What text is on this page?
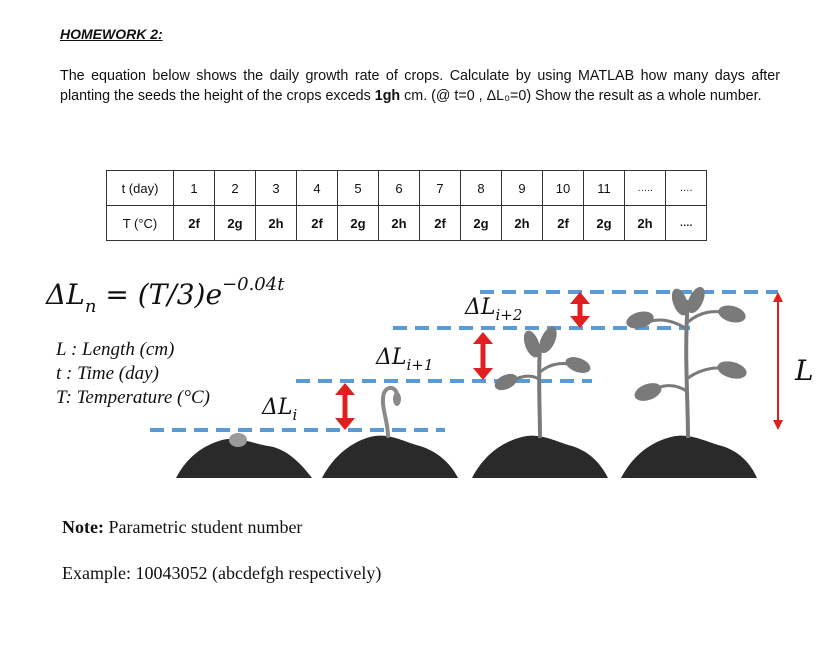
HOMEWORK 2:
The equation below shows the daily growth rate of crops. Calculate by using MATLAB how many days after planting the seeds the height of the crops exceds 1gh cm. (@ t=0 , ΔL₀=0) Show the result as a whole number.
t (day)	1	2	3	4	5	6	7	8	9	10	11	…..	….
T (°C)	2f	2g	2h	2f	2g	2h	2f	2g	2h	2f	2g	2h	….
$\Delta L_n = (T/3)e^{-0.04t}$
L : Length (cm)
t : Time (day)
T: Temperature (°C) $\Delta L_i$
$\Delta L_{i+1}$
$\Delta L_{i+2}$
L
Note: Parametric student number
Example: 10043052 (abcdefgh respectively)
